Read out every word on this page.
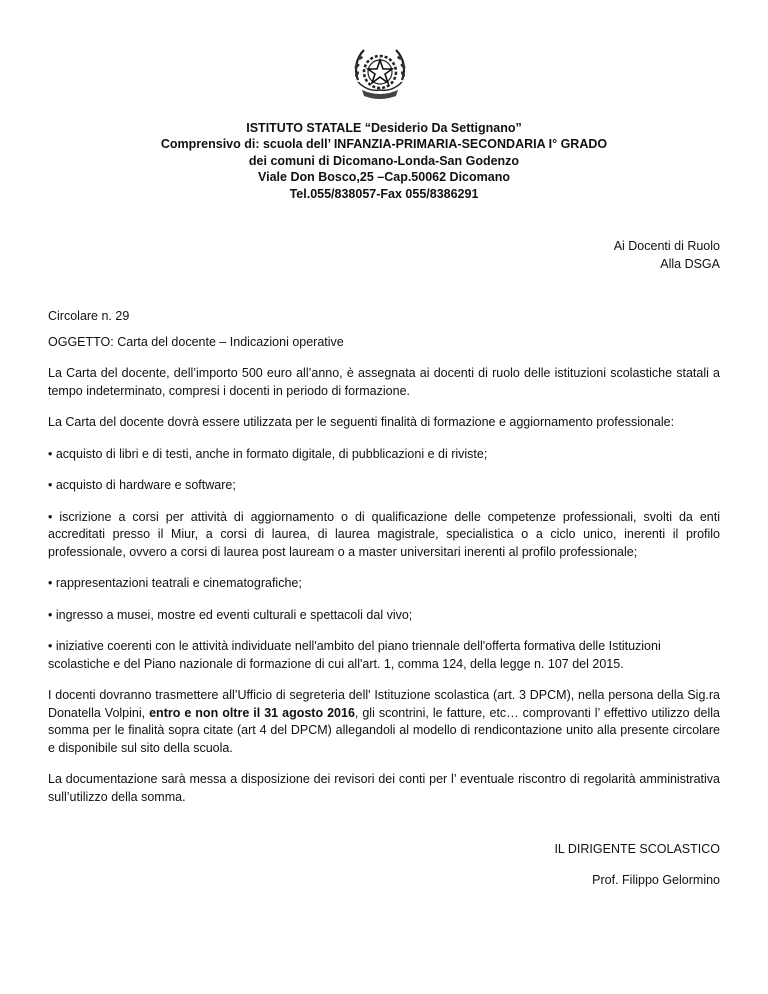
ISTITUTO STATALE “Desiderio Da Settignano”
Comprensivo di: scuola dell’ INFANZIA-PRIMARIA-SECONDARIA I° GRADO
dei comuni di Dicomano-Londa-San Godenzo
Viale Don Bosco,25 –Cap.50062 Dicomano
Tel.055/838057-Fax 055/8386291
Ai Docenti di Ruolo
Alla DSGA

Circolare n. 29

OGGETTO: Carta del docente – Indicazioni operative

La Carta del docente, dell’importo 500 euro all’anno, è assegnata ai docenti di ruolo delle istituzioni scolastiche statali a tempo indeterminato, compresi i docenti in periodo di formazione.

La Carta del docente dovrà essere utilizzata per le seguenti finalità di formazione e aggiornamento professionale:

• acquisto di libri e di testi, anche in formato digitale, di pubblicazioni e di riviste;

• acquisto di hardware e software;

• iscrizione a corsi per attività di aggiornamento o di qualificazione delle competenze professionali, svolti da enti accreditati presso il Miur, a corsi di laurea, di laurea magistrale, specialistica o a ciclo unico, inerenti il profilo professionale, ovvero a corsi di laurea post lauream o a master universitari inerenti al profilo professionale;

• rappresentazioni teatrali e cinematografiche;

• ingresso a musei, mostre ed eventi culturali e spettacoli dal vivo;

• iniziative coerenti con le attività individuate nell'ambito del piano triennale dell'offerta formativa delle Istituzioni scolastiche e del Piano nazionale di formazione di cui all'art. 1, comma 124, della legge n. 107 del 2015.

I docenti dovranno trasmettere all’Ufficio di segreteria dell' Istituzione scolastica (art. 3 DPCM), nella persona della Sig.ra Donatella Volpini, entro e non oltre il 31 agosto 2016, gli scontrini, le fatture, etc… comprovanti l’ effettivo utilizzo della somma per le finalità sopra citate (art 4 del DPCM) allegandoli al modello di rendicontazione unito alla presente circolare e disponibile sul sito della scuola.

La documentazione sarà messa a disposizione dei revisori dei conti per l’ eventuale riscontro di regolarità amministrativa sull’utilizzo della somma.

IL DIRIGENTE SCOLASTICO
Prof. Filippo Gelormino
